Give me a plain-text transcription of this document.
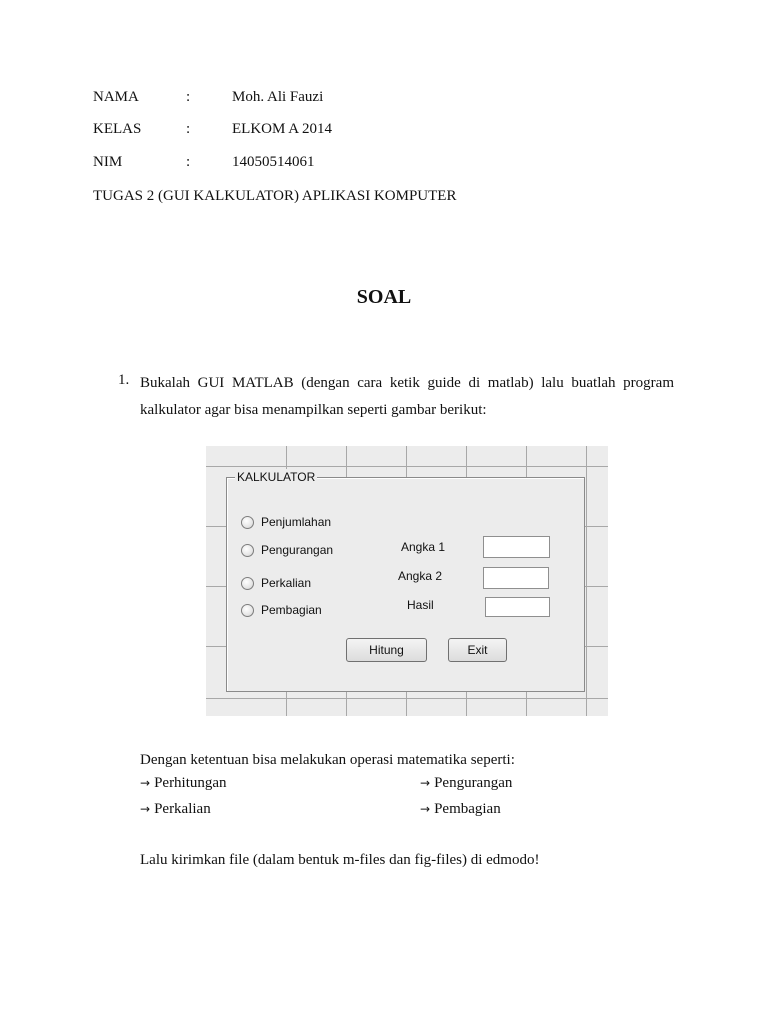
NAMA	:	Moh. Ali Fauzi
KELAS	:	ELKOM A 2014
NIM	:	14050514061
TUGAS 2 (GUI KALKULATOR) APLIKASI KOMPUTER
SOAL
1. Bukalah GUI MATLAB (dengan cara ketik guide di matlab) lalu buatlah program kalkulator agar bisa menampilkan seperti gambar berikut:
KALKULATOR
Penjumlahan
Pengurangan
Perkalian
Pembagian
Angka 1
Angka 2
Hasil
Hitung	Exit
Dengan ketentuan bisa melakukan operasi matematika seperti:
→ Perhitungan	→ Pengurangan
→ Perkalian	→ Pembagian
Lalu kirimkan file (dalam bentuk m-files dan fig-files) di edmodo!
